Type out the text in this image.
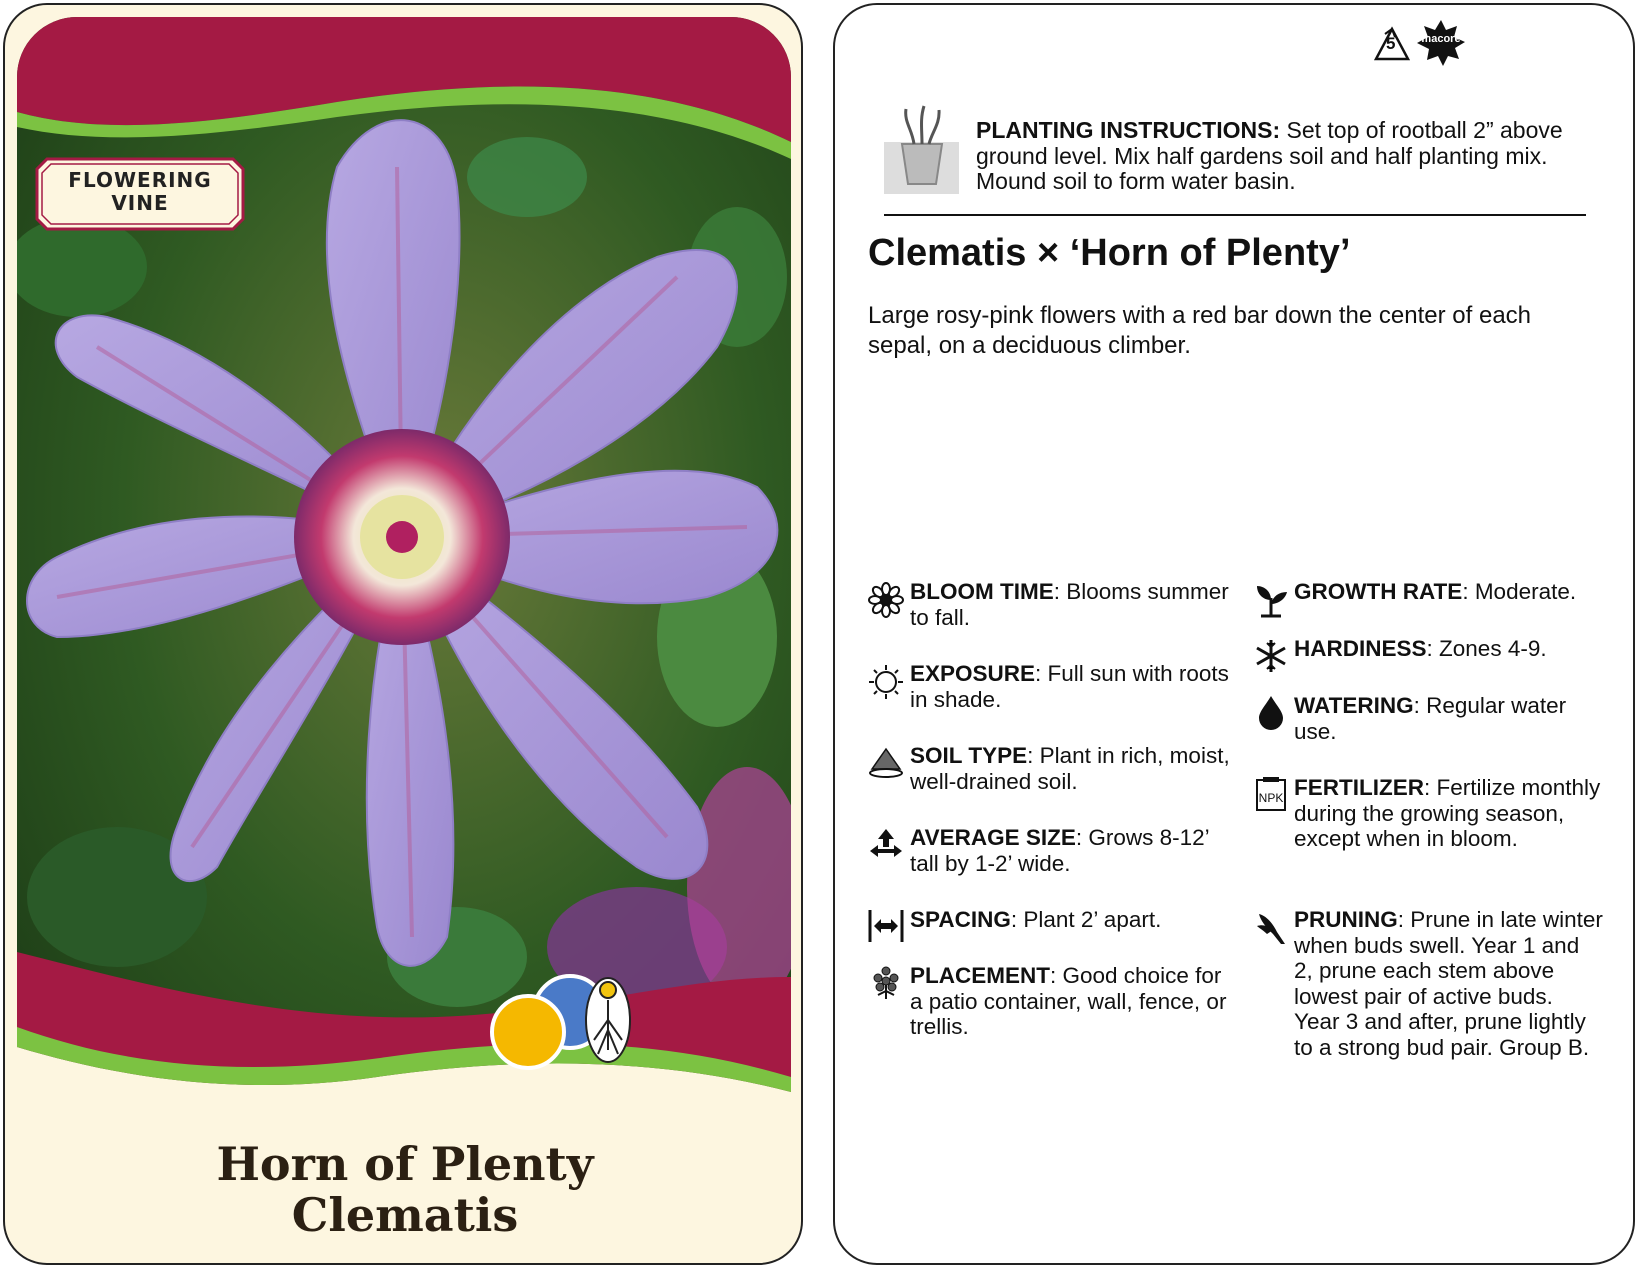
FLOWERING
VINE
Horn of Plenty
Clematis
5	macore
PLANTING INSTRUCTIONS: Set top of rootball 2” above ground level. Mix half gardens soil and half planting mix. Mound soil to form water basin.
Clematis × ‘Horn of Plenty’
Large rosy-pink flowers with a red bar down the center of each sepal, on a deciduous climber.
BLOOM TIME: Blooms summer to fall.
EXPOSURE: Full sun with roots in shade.
SOIL TYPE: Plant in rich, moist, well-drained soil.
AVERAGE SIZE: Grows 8-12’ tall by 1-2’ wide.
SPACING: Plant 2’ apart.
PLACEMENT: Good choice for a patio container, wall, fence, or trellis.
GROWTH RATE: Moderate.
HARDINESS: Zones 4-9.
WATERING: Regular water use.
NPK FERTILIZER: Fertilize monthly during the growing season, except when in bloom.
PRUNING: Prune in late winter when buds swell. Year 1 and 2, prune each stem above lowest pair of active buds. Year 3 and after, prune lightly to a strong bud pair. Group B.
